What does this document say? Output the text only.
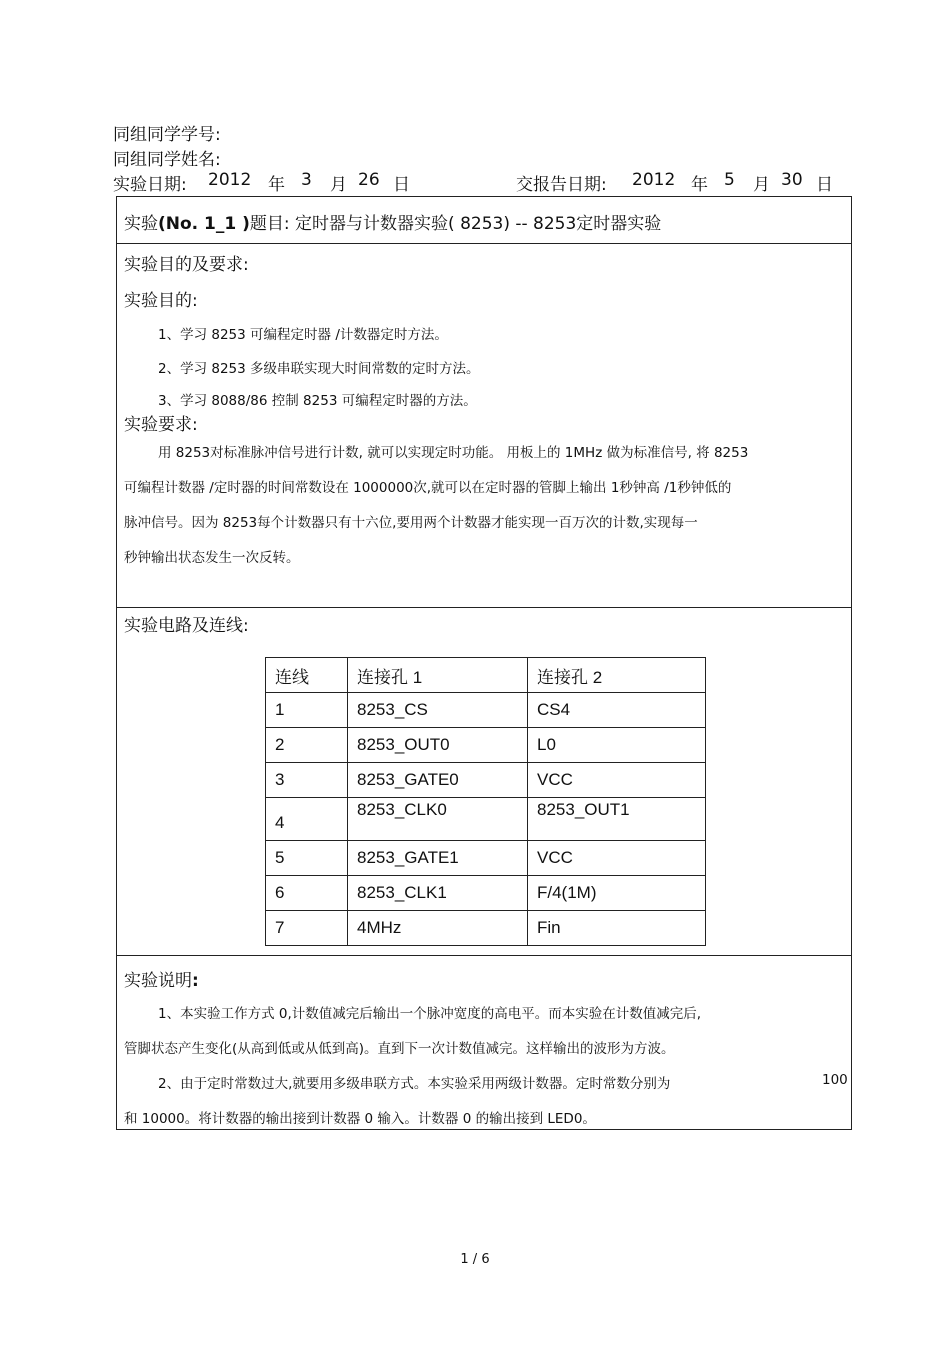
同组同学学号:
同组同学姓名:
实验日期: 2012 年 3 月 26 日	交报告日期: 2012 年 5 月 30 日
实验(No. 1_1 )题目: 定时器与计数器实验( 8253) -- 8253定时器实验
实验目的及要求:
实验目的:
1、学习 8253 可编程定时器 /计数器定时方法。
2、学习 8253 多级串联实现大时间常数的定时方法。
3、学习 8088/86 控制 8253 可编程定时器的方法。
实验要求:
用 8253对标准脉冲信号进行计数, 就可以实现定时功能。 用板上的 1MHz 做为标准信号, 将 8253
可编程计数器 /定时器的时间常数设在 1000000次,就可以在定时器的管脚上输出 1秒钟高 /1秒钟低的
脉冲信号。因为 8253每个计数器只有十六位,要用两个计数器才能实现一百万次的计数,实现每一
秒钟输出状态发生一次反转。
实验电路及连线:
连线	连接孔 1	连接孔 2
1	8253_CS	CS4
2	8253_OUT0	L0
3	8253_GATE0	VCC
4	8253_CLK0	8253_OUT1
5	8253_GATE1	VCC
6	8253_CLK1	F/4(1M)
7	4MHz	Fin
实验说明:
1、本实验工作方式 0,计数值减完后输出一个脉冲宽度的高电平。而本实验在计数值减完后,
管脚状态产生变化(从高到低或从低到高)。直到下一次计数值减完。这样输出的波形为方波。
2、由于定时常数过大,就要用多级串联方式。本实验采用两级计数器。定时常数分别为	100
和 10000。将计数器的输出接到计数器 0 输入。计数器 0 的输出接到 LED0。
1 / 6
